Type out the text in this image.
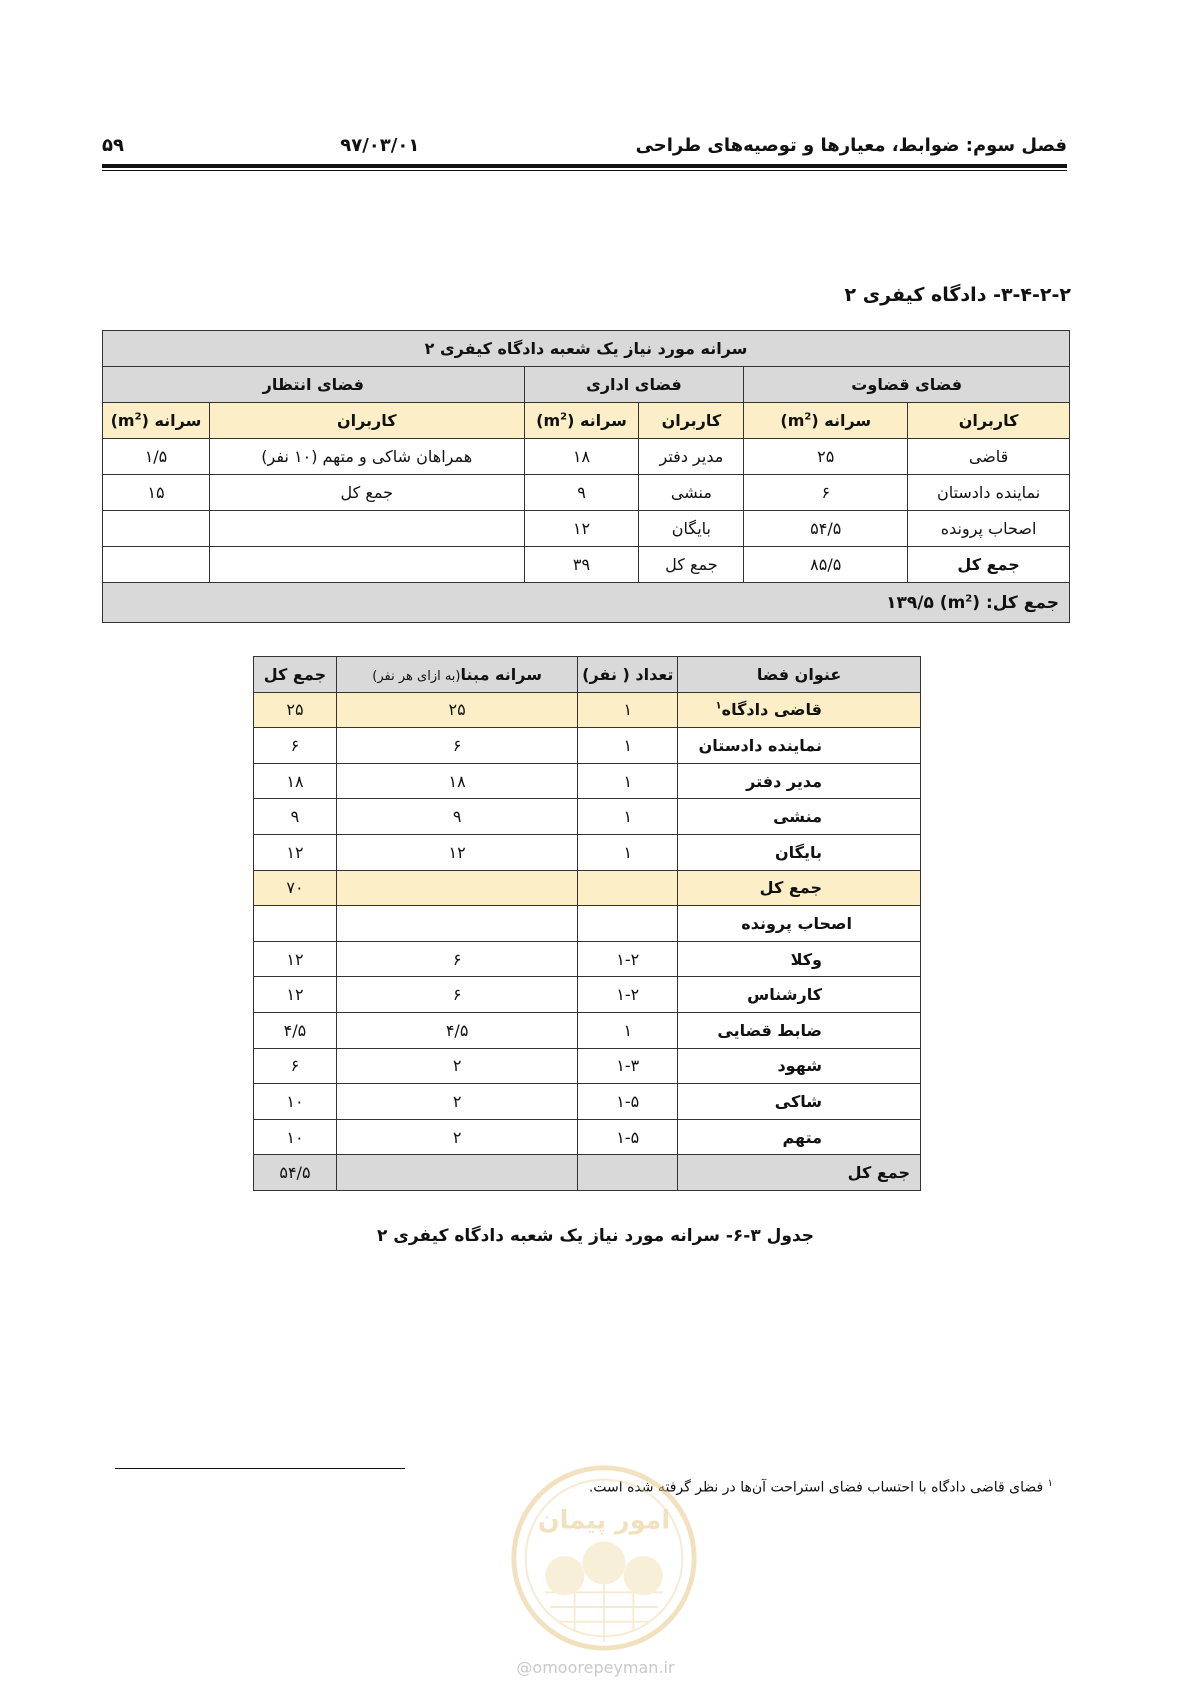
فصل سوم: ضوابط، معیارها و توصیه‌های طراحی
۹۷/۰۳/۰۱
۵۹
۳-۴-۲-۲- دادگاه کیفری ۲
سرانه مورد نیاز یک شعبه دادگاه کیفری ۲					
فضای قضاوت		فضای اداری		فضای انتظار	
کاربران	سرانه $(m^2)$	کاربران	سرانه $(m^2)$	کاربران	سرانه $(m^2)$
قاضی	۲۵	مدیر دفتر	۱۸	همراهان شاکی و متهم (۱۰ نفر)	۱/۵
نماینده دادستان	۶	منشی	۹	جمع کل	۱۵
اصحاب پرونده	۵۴/۵	بایگان	۱۲		
جمع کل	۸۵/۵	جمع کل	۳۹		
جمع کل: $(m^2)$ ۱۳۹/۵					
عنوان فضا	تعداد ( نفر)	سرانه مبنا(به ازای هر نفر)	جمع کل
قاضی دادگاه$^۱$	۱	۲۵	۲۵
نماینده دادستان	۱	۶	۶
مدیر دفتر	۱	۱۸	۱۸
منشی	۱	۹	۹
بایگان	۱	۱۲	۱۲
جمع کل			۷۰
اصحاب پرونده			
وکلا	۱-۲	۶	۱۲
کارشناس	۱-۲	۶	۱۲
ضابط قضایی	۱	۴/۵	۴/۵
شهود	۱-۳	۲	۶
شاکی	۱-۵	۲	۱۰
متهم	۱-۵	۲	۱۰
جمع کل			۵۴/۵
جدول ۳-۶- سرانه مورد نیاز یک شعبه دادگاه کیفری ۲
$^۱$ فضای قاضی دادگاه با احتساب فضای استراحت آن‌ها در نظر گرفته شده است.
امور پیمان
@omoorepeyman.ir
